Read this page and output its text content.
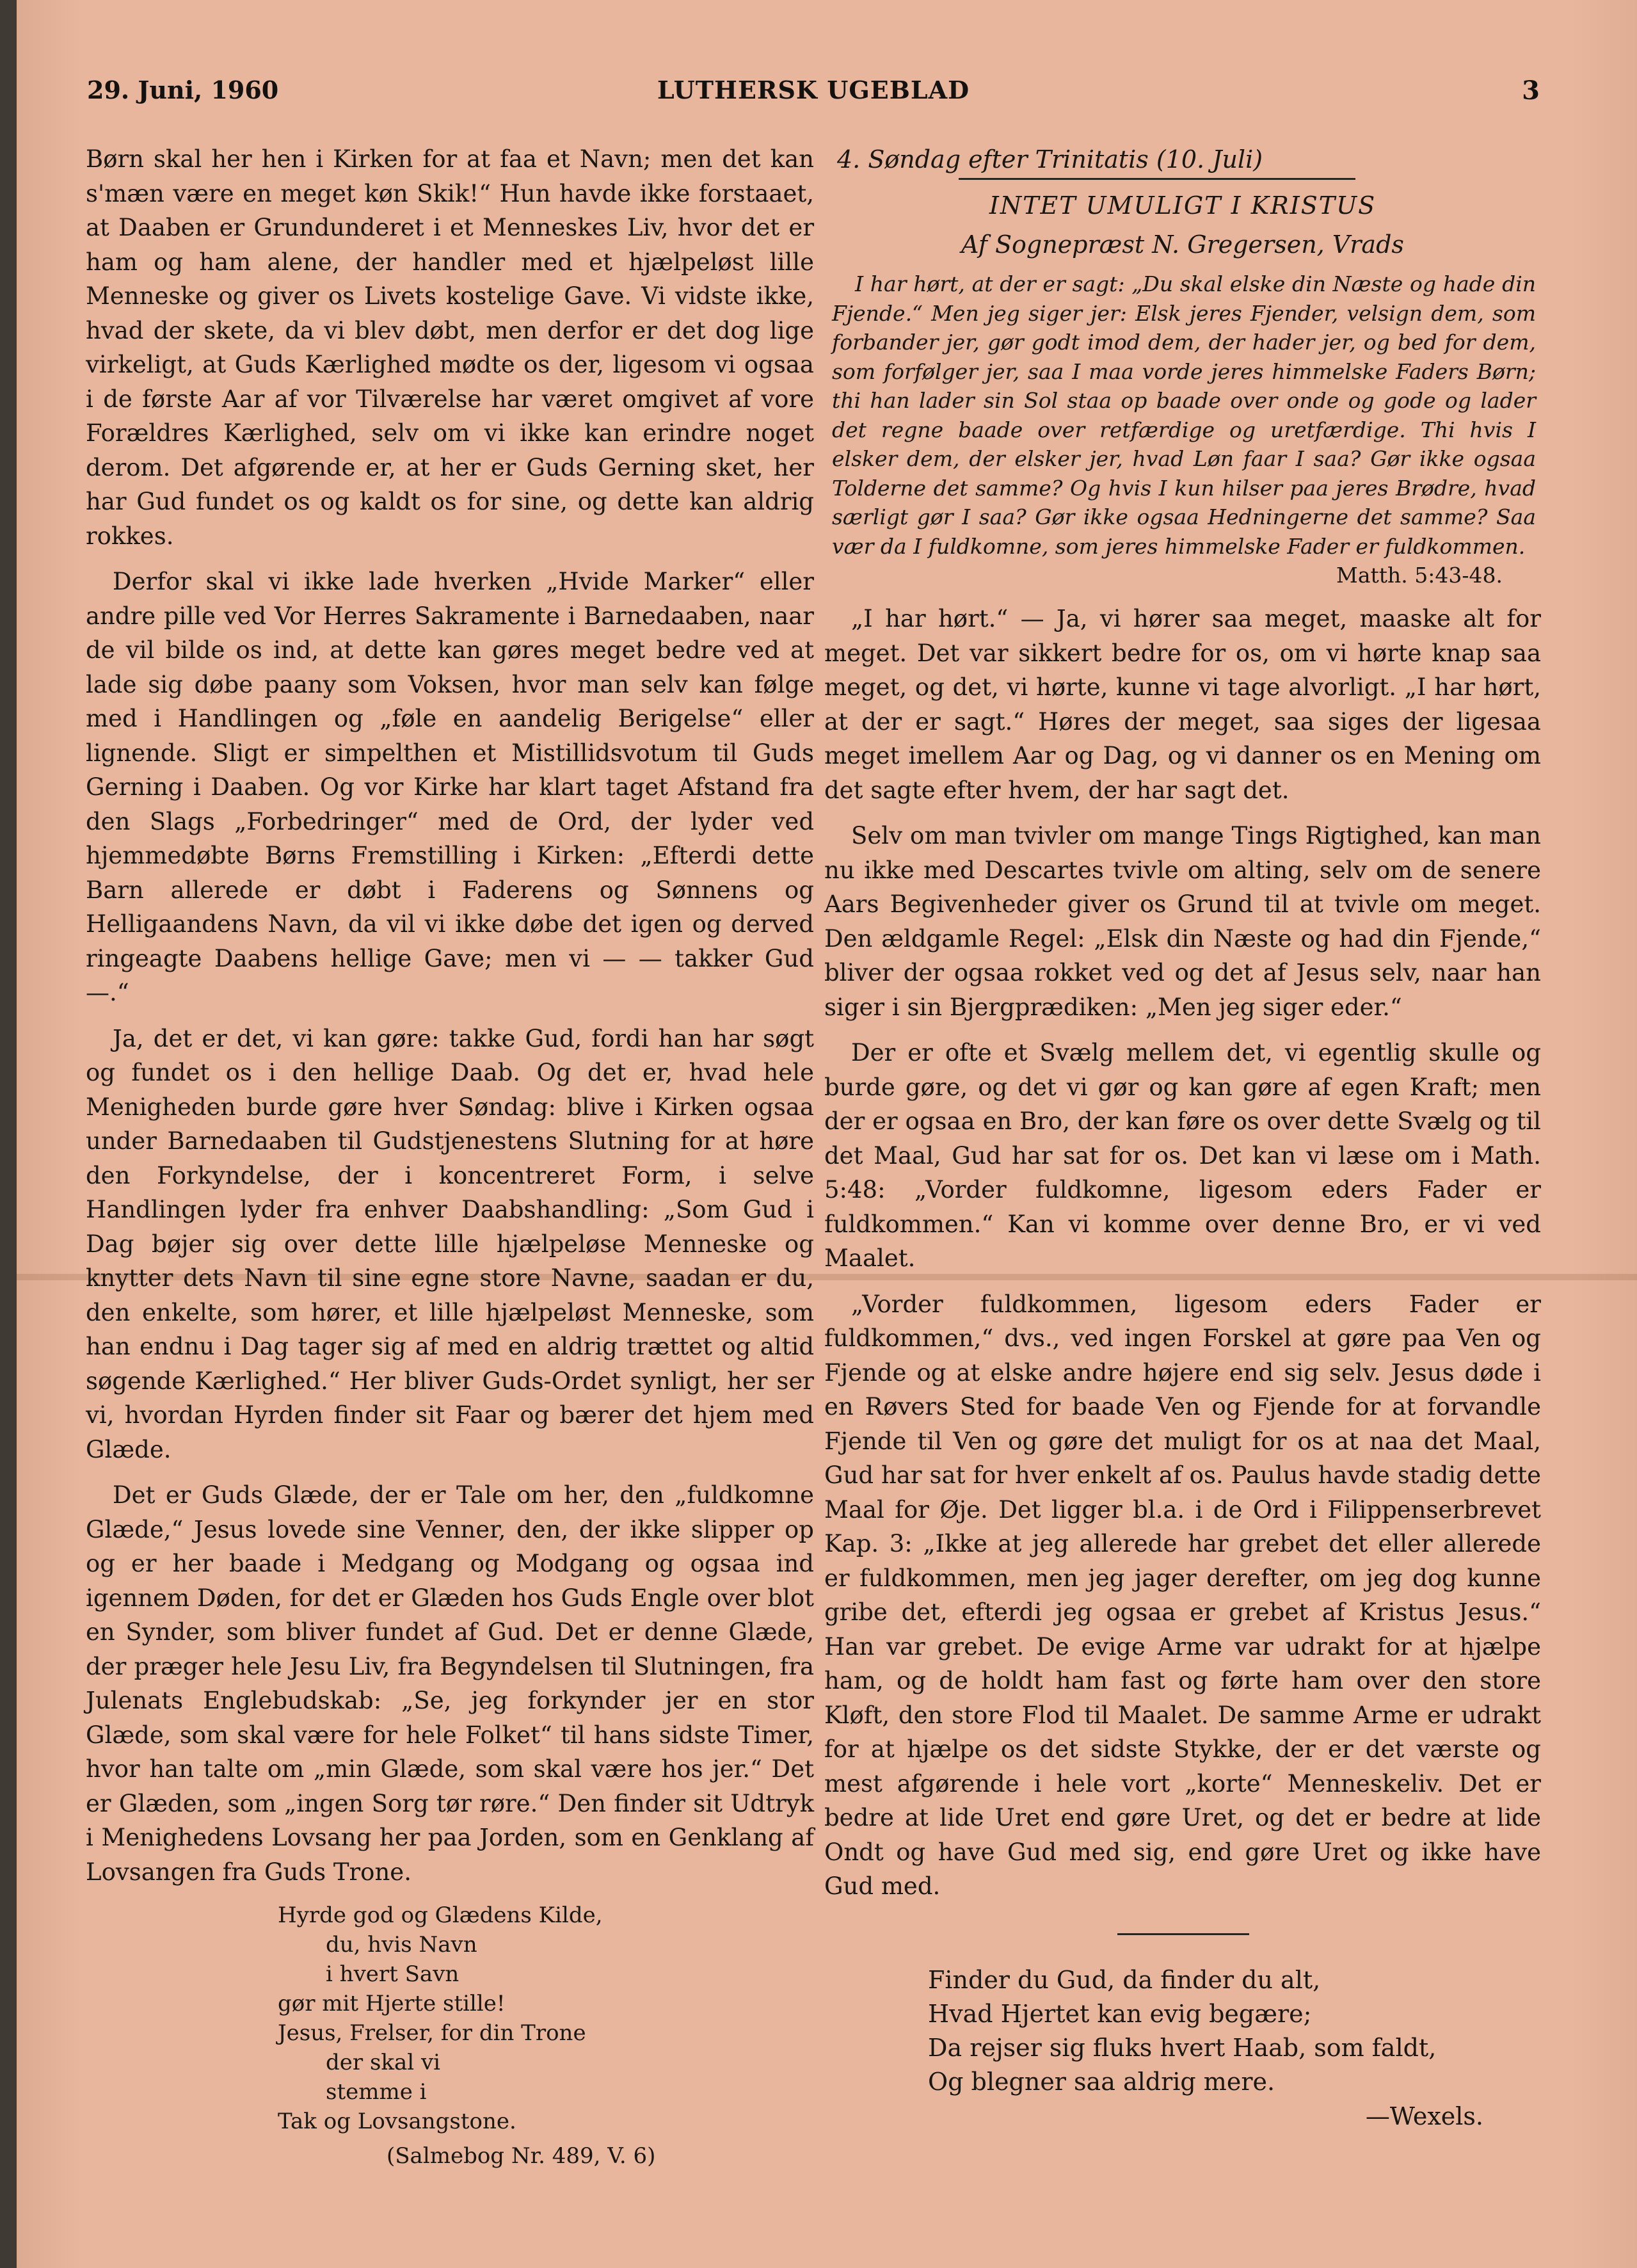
29. Juni, 1960	LUTHERSK UGEBLAD	3

Børn skal her hen i Kirken for at faa et Navn; men det kan s'mæn være en meget køn Skik!“ Hun havde ikke forstaaet, at Daaben er Grundunderet i et Menneskes Liv, hvor det er ham og ham alene, der handler med et hjælpeløst lille Menneske og giver os Livets kostelige Gave. Vi vidste ikke, hvad der skete, da vi blev døbt, men derfor er det dog lige virkeligt, at Guds Kærlighed mødte os der, ligesom vi ogsaa i de første Aar af vor Tilværelse har været omgivet af vore Forældres Kærlighed, selv om vi ikke kan erindre noget derom. Det afgørende er, at her er Guds Gerning sket, her har Gud fundet os og kaldt os for sine, og dette kan aldrig rokkes.

Derfor skal vi ikke lade hverken „Hvide Marker“ eller andre pille ved Vor Herres Sakramente i Barnedaaben, naar de vil bilde os ind, at dette kan gøres meget bedre ved at lade sig døbe paany som Voksen, hvor man selv kan følge med i Handlingen og „føle en aandelig Berigelse“ eller lignende. Sligt er simpelthen et Mistillidsvotum til Guds Gerning i Daaben. Og vor Kirke har klart taget Afstand fra den Slags „Forbedringer“ med de Ord, der lyder ved hjemmedøbte Børns Fremstilling i Kirken: „Efterdi dette Barn allerede er døbt i Faderens og Sønnens og Helligaandens Navn, da vil vi ikke døbe det igen og derved ringeagte Daabens hellige Gave; men vi — — takker Gud —.“

Ja, det er det, vi kan gøre: takke Gud, fordi han har søgt og fundet os i den hellige Daab. Og det er, hvad hele Menigheden burde gøre hver Søndag: blive i Kirken ogsaa under Barnedaaben til Gudstjenestens Slutning for at høre den Forkyndelse, der i koncentreret Form, i selve Handlingen lyder fra enhver Daabshandling: „Som Gud i Dag bøjer sig over dette lille hjælpeløse Menneske og knytter dets Navn til sine egne store Navne, saadan er du, den enkelte, som hører, et lille hjælpeløst Menneske, som han endnu i Dag tager sig af med en aldrig trættet og altid søgende Kærlighed.“ Her bliver Guds-Ordet synligt, her ser vi, hvordan Hyrden finder sit Faar og bærer det hjem med Glæde.

Det er Guds Glæde, der er Tale om her, den „fuldkomne Glæde,“ Jesus lovede sine Venner, den, der ikke slipper op og er her baade i Medgang og Modgang og ogsaa ind igennem Døden, for det er Glæden hos Guds Engle over blot en Synder, som bliver fundet af Gud. Det er denne Glæde, der præger hele Jesu Liv, fra Begyndelsen til Slutningen, fra Julenats Englebudskab: „Se, jeg forkynder jer en stor Glæde, som skal være for hele Folket“ til hans sidste Timer, hvor han talte om „min Glæde, som skal være hos jer.“ Det er Glæden, som „ingen Sorg tør røre.“ Den finder sit Udtryk i Menighedens Lovsang her paa Jorden, som en Genklang af Lovsangen fra Guds Trone.

Hyrde god og Glædens Kilde,
du, hvis Navn
i hvert Savn
gør mit Hjerte stille!
Jesus, Frelser, for din Trone
der skal vi
stemme i
Tak og Lovsangstone.
(Salmebog Nr. 489, V. 6)
4. Søndag efter Trinitatis (10. Juli)
INTET UMULIGT I KRISTUS
Af Sognepræst N. Gregersen, Vrads

I har hørt, at der er sagt: „Du skal elske din Næste og hade din Fjende.“ Men jeg siger jer: Elsk jeres Fjender, velsign dem, som forbander jer, gør godt imod dem, der hader jer, og bed for dem, som forfølger jer, saa I maa vorde jeres himmelske Faders Børn; thi han lader sin Sol staa op baade over onde og gode og lader det regne baade over retfærdige og uretfærdige. Thi hvis I elsker dem, der elsker jer, hvad Løn faar I saa? Gør ikke ogsaa Tolderne det samme? Og hvis I kun hilser paa jeres Brødre, hvad særligt gør I saa? Gør ikke ogsaa Hedningerne det samme? Saa vær da I fuldkomne, som jeres himmelske Fader er fuldkommen.

Matth. 5:43-48.

„I har hørt.“ — Ja, vi hører saa meget, maaske alt for meget. Det var sikkert bedre for os, om vi hørte knap saa meget, og det, vi hørte, kunne vi tage alvorligt. „I har hørt, at der er sagt.“ Høres der meget, saa siges der ligesaa meget imellem Aar og Dag, og vi danner os en Mening om det sagte efter hvem, der har sagt det.

Selv om man tvivler om mange Tings Rigtighed, kan man nu ikke med Descartes tvivle om alting, selv om de senere Aars Begivenheder giver os Grund til at tvivle om meget. Den ældgamle Regel: „Elsk din Næste og had din Fjende,“ bliver der ogsaa rokket ved og det af Jesus selv, naar han siger i sin Bjergprædiken: „Men jeg siger eder.“

Der er ofte et Svælg mellem det, vi egentlig skulle og burde gøre, og det vi gør og kan gøre af egen Kraft; men der er ogsaa en Bro, der kan føre os over dette Svælg og til det Maal, Gud har sat for os. Det kan vi læse om i Math. 5:48: „Vorder fuldkomne, ligesom eders Fader er fuldkommen.“ Kan vi komme over denne Bro, er vi ved Maalet.

„Vorder fuldkommen, ligesom eders Fader er fuldkommen,“ dvs., ved ingen Forskel at gøre paa Ven og Fjende og at elske andre højere end sig selv. Jesus døde i en Røvers Sted for baade Ven og Fjende for at forvandle Fjende til Ven og gøre det muligt for os at naa det Maal, Gud har sat for hver enkelt af os. Paulus havde stadig dette Maal for Øje. Det ligger bl.a. i de Ord i Filippenserbrevet Kap. 3: „Ikke at jeg allerede har grebet det eller allerede er fuldkommen, men jeg jager derefter, om jeg dog kunne gribe det, efterdi jeg ogsaa er grebet af Kristus Jesus.“ Han var grebet. De evige Arme var udrakt for at hjælpe ham, og de holdt ham fast og førte ham over den store Kløft, den store Flod til Maalet. De samme Arme er udrakt for at hjælpe os det sidste Stykke, der er det værste og mest afgørende i hele vort „korte“ Menneskeliv. Det er bedre at lide Uret end gøre Uret, og det er bedre at lide Ondt og have Gud med sig, end gøre Uret og ikke have Gud med.

Finder du Gud, da finder du alt,
Hvad Hjertet kan evig begære;
Da rejser sig fluks hvert Haab, som faldt,
Og blegner saa aldrig mere.
—Wexels.
